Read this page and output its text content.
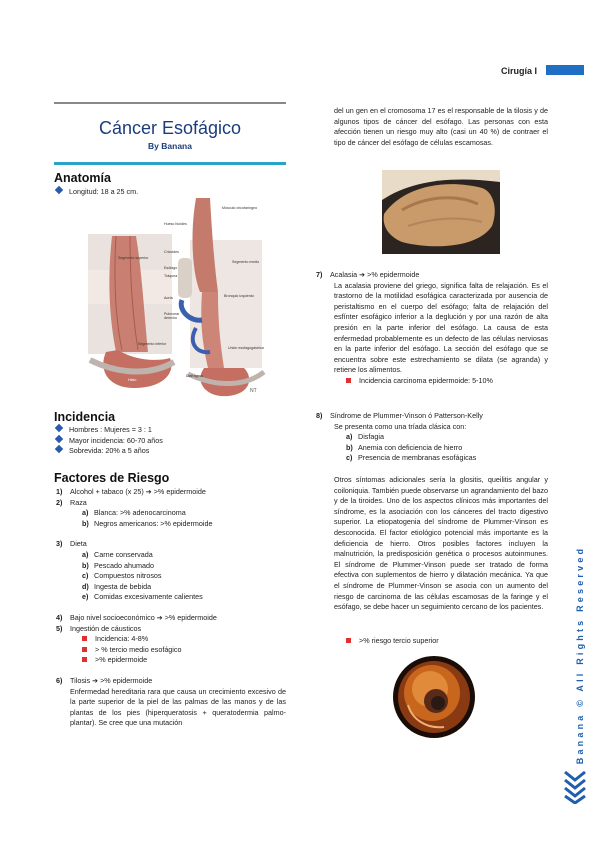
Cirugía I
Cáncer Esofágico
By Banana
Anatomía
Longitud: 18 a 25 cm.
NT
Músculo cricofaríngeo
Hueso hioides
Cricoides
Esófago
Tráquea
Aorta	Bronquio izquierdo
Pulmonar derecho
Diafragma
Segmento superior
Segmento medio
Segmento inferior
Hiato
Unión esofagogástrica
Incidencia
Hombres : Mujeres = 3 : 1
Mayor incidencia: 60-70 años
Sobrevida: 20% a 5 años
Factores de Riesgo
1) Alcohol + tabaco (x 25) ➔ >% epidermoide
2) Raza
a) Blanca: >% adenocarcinoma
b) Negros americanos: >% epidermoide
3) Dieta
a) Carne conservada
b) Pescado ahumado
c) Compuestos nitrosos
d) Ingesta de bebida
e) Comidas excesivamente calientes
4) Bajo nivel socioeconómico ➔ >% epidermoide
5) Ingestión de cáusticos
Incidencia: 4-8%
> % tercio medio esofágico
>% epidermoide
6) Tilosis ➔ >% epidermoide
Enfermedad hereditaria rara que causa un crecimiento excesivo de la parte superior de la piel de las palmas de las manos y de las plantas de los pies (hiperqueratosis + queratodermia palmo-plantar). Se cree que una mutación
del un gen en el cromosoma 17 es el responsable de la tilosis y de algunos tipos de cáncer del esófago. Las personas con esta afección tienen un riesgo muy alto (casi un 40 %) de contraer el tipo de cáncer del esófago de células escamosas.
7) Acalasia ➔ >% epidermoide
La acalasia proviene del griego, significa falta de relajación. Es el trastorno de la motilidad esofágica caracterizada por ausencia de peristaltismo en el cuerpo del esófago; falta de relajación del esfínter esofágico inferior a la deglución y por una razón de alta presión en la parte inferior del esófago. La causa de esta enfermedad probablemente es un defecto de las células nerviosas en la parte inferior del esófago. La sección del esófago que se encuentra sobre este estrechamiento se dilata (se agranda) y retiene los alimentos.
Incidencia carcinoma epidermoide: 5-10%
8) Síndrome de Plummer-Vinson ó Patterson-Kelly
Se presenta como una tríada clásica con:
a) Disfagia
b) Anemia con deficiencia de hierro
c) Presencia de membranas esofágicas
Otros síntomas adicionales sería la glositis, queilitis angular y coiloniquia. También puede observarse un agrandamiento del bazo y de la tiroides. Uno de los aspectos clínicos más importantes del síndrome, es la asociación con los cánceres del tracto digestivo superior. La etiopatogenia del síndrome de Plummer-Vinson es desconocida. El factor etiológico potencial más importante es la deficiencia de hierro. Otros posibles factores incluyen la malnutrición, la predisposición genética o procesos autoinmunes. El síndrome de Plummer-Vinson puede ser tratado de forma efectiva con suplementos de hierro y dilatación mecánica. Ya que el síndrome de Plummer-Vinson se asocia con un aumento del riesgo de carcinoma de las células escamosas de la faringe y el esófago, se debe hacer un seguimiento cercano de los pacientes.
>% riesgo tercio superior	Banana © All Rights Reserved
